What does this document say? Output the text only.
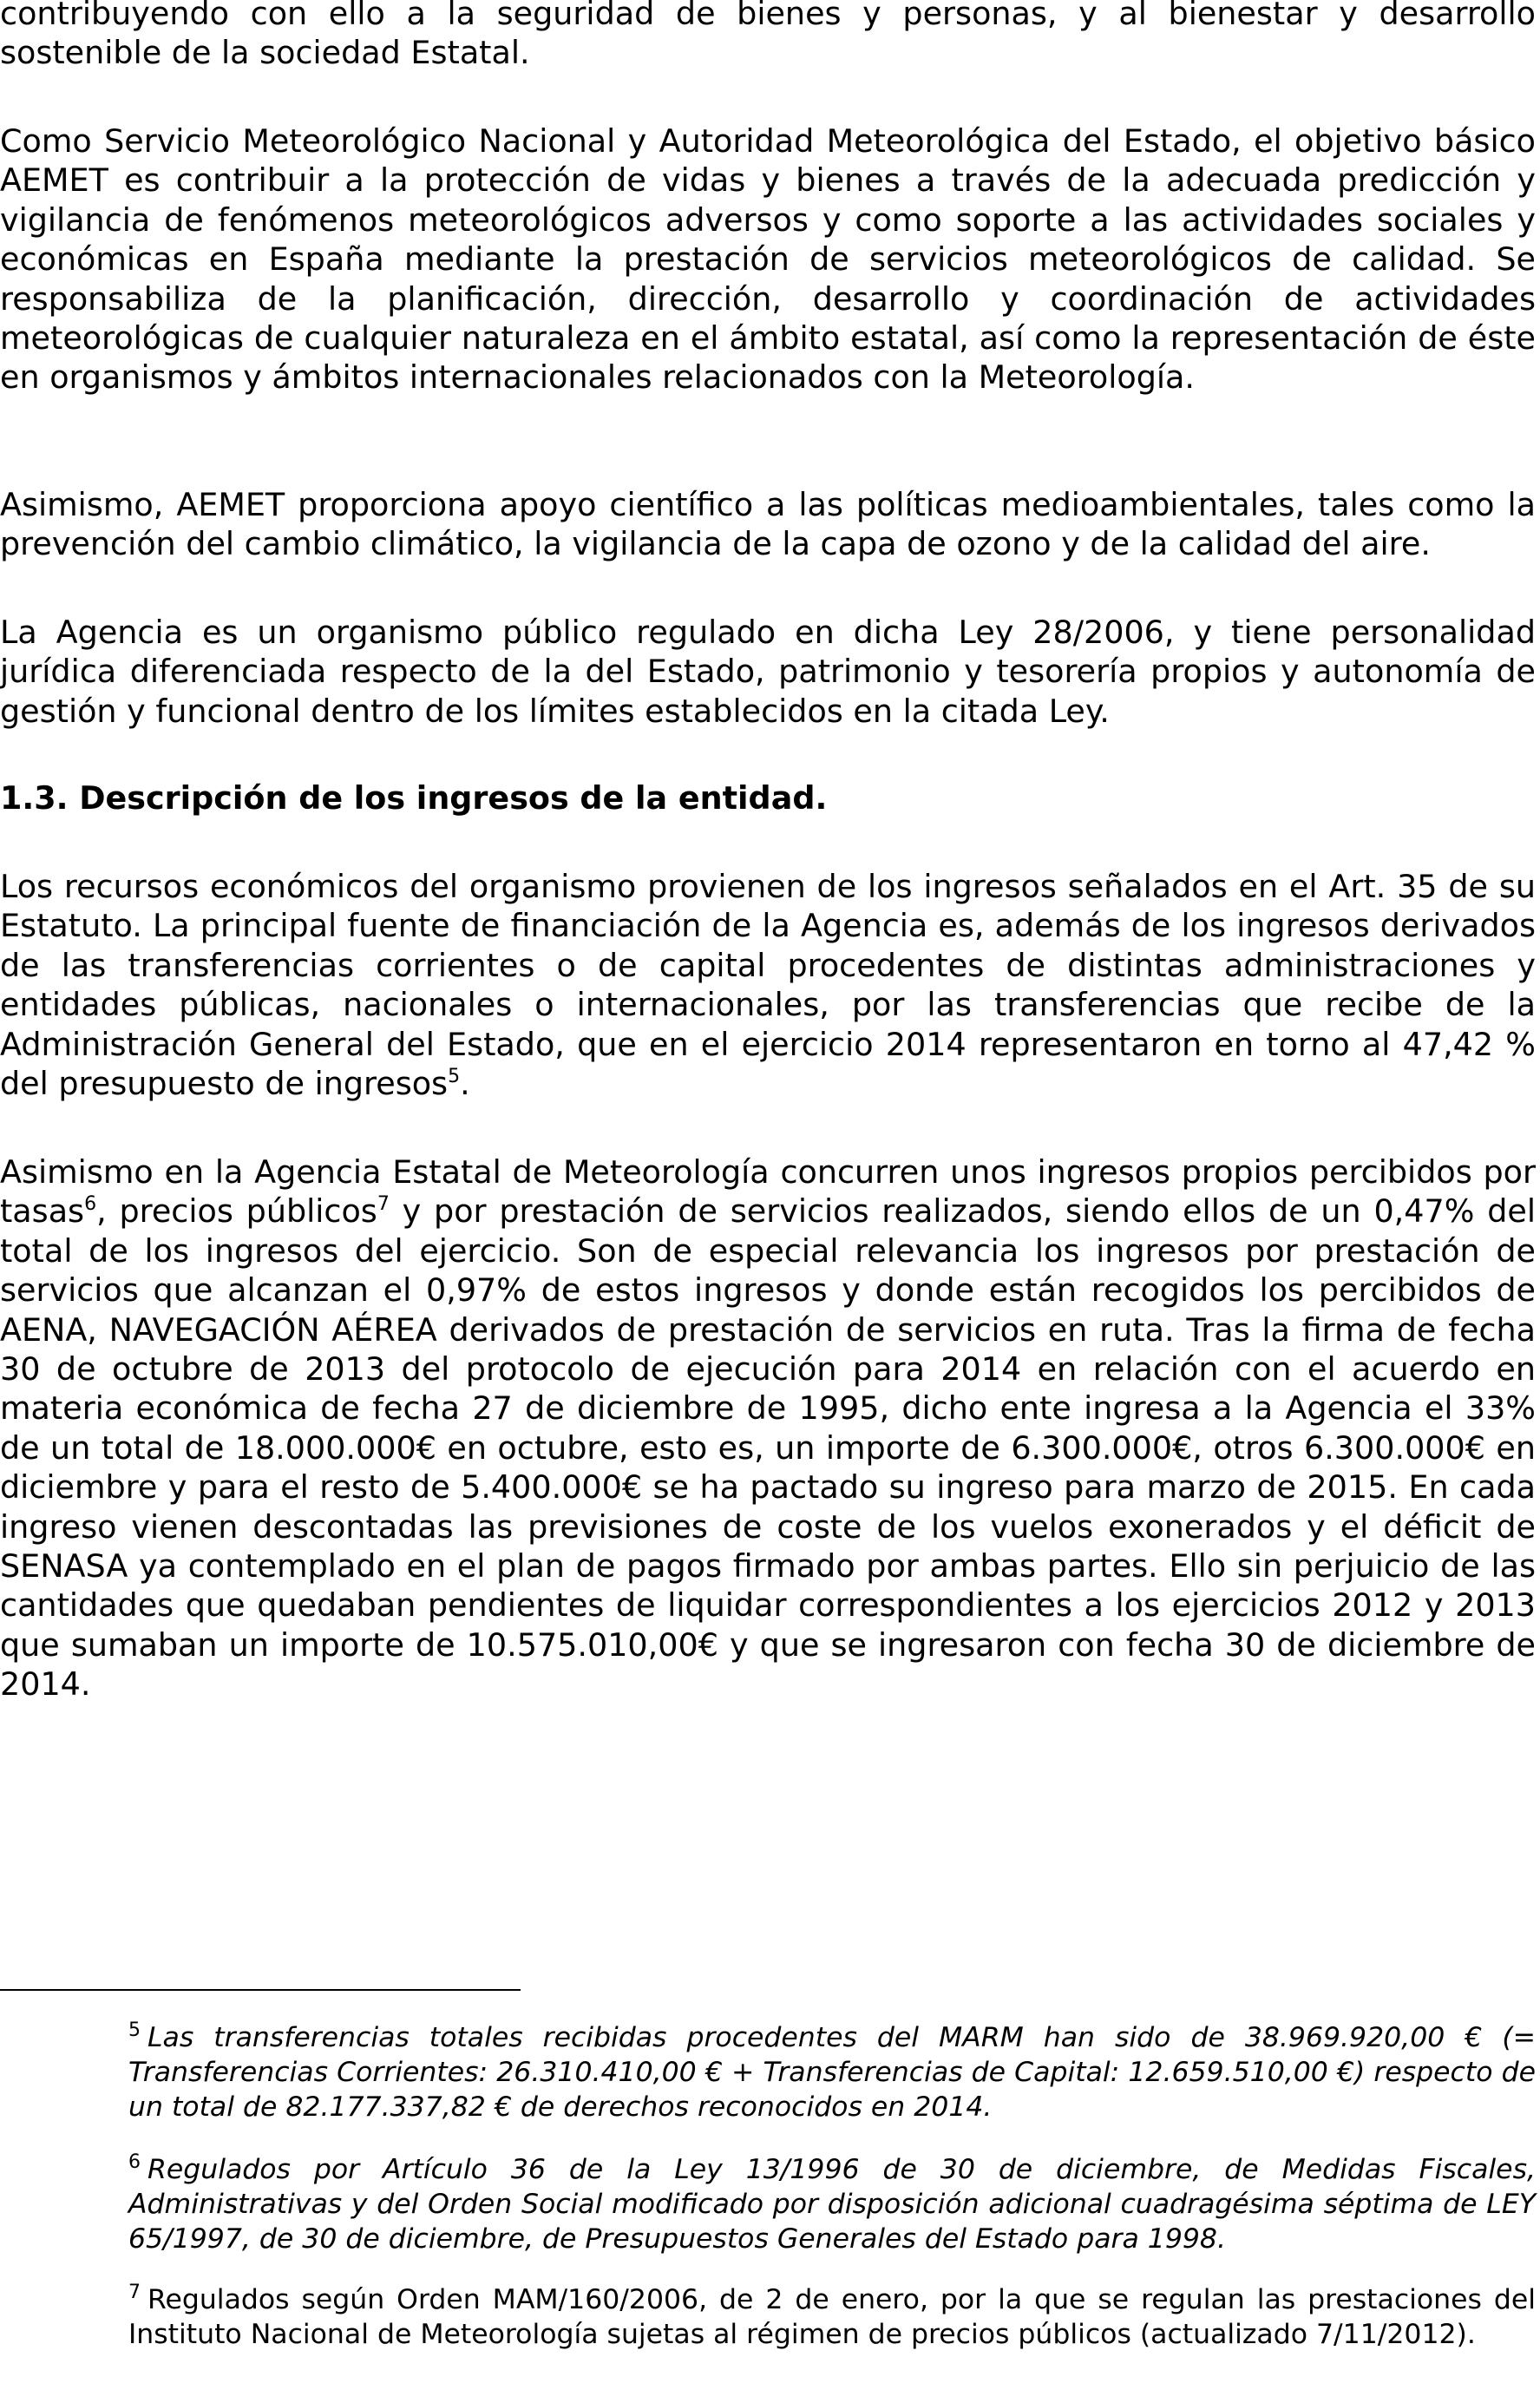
contribuyendo con ello a la seguridad de bienes y personas, y al bienestar y desarrollo sostenible de la sociedad Estatal.

Como Servicio Meteorológico Nacional y Autoridad Meteorológica del Estado, el objetivo básico AEMET es contribuir a la protección de vidas y bienes a través de la adecuada predicción y vigilancia de fenómenos meteorológicos adversos y como soporte a las actividades sociales y económicas en España mediante la prestación de servicios meteorológicos de calidad. Se responsabiliza de la planificación, dirección, desarrollo y coordinación de actividades meteorológicas de cualquier naturaleza en el ámbito estatal, así como la representación de éste en organismos y ámbitos internacionales relacionados con la Meteorología.

Asimismo, AEMET proporciona apoyo científico a las políticas medioambientales, tales como la prevención del cambio climático, la vigilancia de la capa de ozono y de la calidad del aire.

La Agencia es un organismo público regulado en dicha Ley 28/2006, y tiene personalidad jurídica diferenciada respecto de la del Estado, patrimonio y tesorería propios y autonomía de gestión y funcional dentro de los límites establecidos en la citada Ley.

1.3. Descripción de los ingresos de la entidad.

Los recursos económicos del organismo provienen de los ingresos señalados en el Art. 35 de su Estatuto. La principal fuente de financiación de la Agencia es, además de los ingresos derivados de las transferencias corrientes o de capital procedentes de distintas administraciones y entidades públicas, nacionales o internacionales, por las transferencias que recibe de la Administración General del Estado, que en el ejercicio 2014 representaron en torno al 47,42 % del presupuesto de ingresos$^5$.

Asimismo en la Agencia Estatal de Meteorología concurren unos ingresos propios percibidos por tasas$^6$, precios públicos$^7$ y por prestación de servicios realizados, siendo ellos de un 0,47% del total de los ingresos del ejercicio. Son de especial relevancia los ingresos por prestación de servicios que alcanzan el 0,97% de estos ingresos y donde están recogidos los percibidos de AENA, NAVEGACIÓN AÉREA derivados de prestación de servicios en ruta. Tras la firma de fecha 30 de octubre de 2013 del protocolo de ejecución para 2014 en relación con el acuerdo en materia económica de fecha 27 de diciembre de 1995, dicho ente ingresa a la Agencia el 33% de un total de 18.000.000€ en octubre, esto es, un importe de 6.300.000€, otros 6.300.000€ en diciembre y para el resto de 5.400.000€ se ha pactado su ingreso para marzo de 2015. En cada ingreso vienen descontadas las previsiones de coste de los vuelos exonerados y el déficit de SENASA ya contemplado en el plan de pagos firmado por ambas partes. Ello sin perjuicio de las cantidades que quedaban pendientes de liquidar correspondientes a los ejercicios 2012 y 2013 que sumaban un importe de 10.575.010,00€ y que se ingresaron con fecha 30 de diciembre de 2014.

$^5$ Las transferencias totales recibidas procedentes del MARM han sido de 38.969.920,00 € (= Transferencias Corrientes: 26.310.410,00 € + Transferencias de Capital: 12.659.510,00 €) respecto de un total de 82.177.337,82 € de derechos reconocidos en 2014.

$^6$ Regulados por Artículo 36 de la Ley 13/1996 de 30 de diciembre, de Medidas Fiscales, Administrativas y del Orden Social modificado por disposición adicional cuadragésima séptima de LEY 65/1997, de 30 de diciembre, de Presupuestos Generales del Estado para 1998.

$^7$ Regulados según Orden MAM/160/2006, de 2 de enero, por la que se regulan las prestaciones del Instituto Nacional de Meteorología sujetas al régimen de precios públicos (actualizado 7/11/2012).
